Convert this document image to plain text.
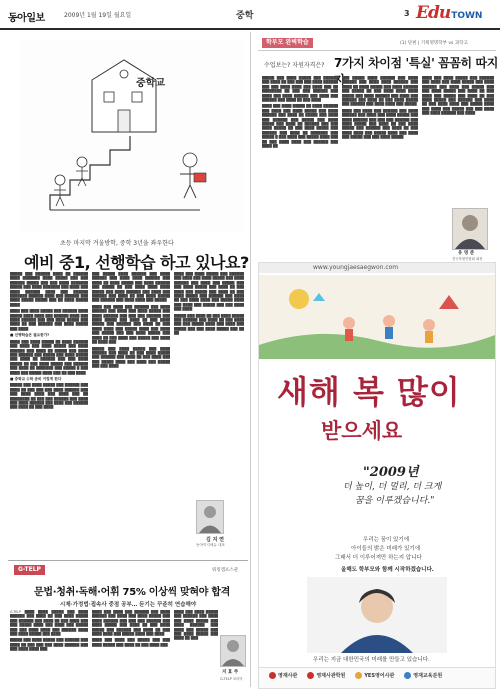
동아일보	2009년 1월 19일 월요일	중학	3 EduTOWN
중학교
초등 마지막 겨울방학, 중학 3년을 좌우한다
예비 중1, 선행학습 하고 있나요?

█████ ███ ██████ ████ ██ ██████ ████ ███████ ████ █████ ███ ███ ██████ █████ ███ ███ ████ ███████ █████ ███ ████ ███████ ███ ████ ███ ████ ██████ ████ ███ ██████ ███████ ██████ ████ ███ ██████ ███ ████ █████ █████ ███ ██ ████ █████ ████

████ ███ ████ █████ ███ ██████ ████ █████ ████ ████ ███ ██████ ████ ███ ████ ██████ ███ ███ ████ █████ ███ ████ ██ ███ ██████ ███ ████ █████ ███ ████

■ 선행학습은 필요한가?

████ ███ ████ █████ ██ ████ ██████ ███ ████ ███ ████ █████ ███ ████ ██████ ███ ████ ██ █████ ███ ████ ███ ██████ ███ █████ ███ ████ █████ ███ ████ ██ ██████ ███ ███ ████ █████ ██ ███ ████ █████ ███ ██████ ███ ████ ██ ███████ ███ █████ █ ███ ████ ███ █████ ████ ███ ██ ███ ████

■ 중학교 수학 준비 이렇게 한다

█████ ███ ████ █████ ███ ██████ ███ ████ ██ ███ ███ ███ ████ ██████ ███ ███ ████ ████ ███ ████ ███ ██ ████████ ██ ███ ███ ██████ ███ ████ ███ ████ ██████ ███ ████ ███ ██████ ███ ████ ██ ███ ████

███ █████ ████ ██████ ███ ████ ██████ ███ ████ ████ ██████ ███ ████ ██ ████ █████ ███ ████ ██████ ███ █████ ██ ███ ████ ████ ████ █████ ███ ████ ██████ ███ ████ ███ ██████ ███ ████ ██ ███ ████ █████ ███ ██████ ███ ████ ████ ███ █████

████ ███ ████ ███ ██████ ███ ████ ██████ ███ ████ ███ ████ █████ ███ ████ ██████ ███ ███ ███ ██████ ███ ████ █████ ███ ████ ██ ███ ████ █████ ███ ██████ ███ ████ ██ ███ ████ ████ ███ █████ ████ ███ ████ ███ █████ ███ ███ ████ █████ ███ ████ ██ ███ ████ ███ █████ ███ ████ ██ ████ ███

█████ ███ ████ █████ ███ ████ ██████ ███ ████ ██ ███ ████ █████ ███ ██████ ███ ████ ██ ███ ████ ███ ███ █████ ████ ███ ████ ███ █████ ███ ███ ████

████ ███ ████ █████ ███ ██████ ███ ████ ███ ████ █████ ███ ████ ██████ ███ ████ ███ █████ ███ ███ ████ █████ ███ ████ ██ ███ ████ ███ █████ ███ ████ ██ ███ ████ █████ ███ ██████ ███ ████ ██ ███ ████ ████ ███ █████ ████ ███ ████ ███ █████ ███ ███ ████ ███ ████

█████ ███ ████ ██ ███ ████ █████ ███ ██████ ███ ████ ██ ███ ████ ███ ███ █████ ████ ███ ████ ███ █████ ███ ███ ████ █████ ███ ██ ██

김 지 연
동아이지에듀 대표
G-TELP	워킹캠프스쿨
문법·청취·독해·어휘 75% 이상씩 맞혀야 합격
시제·가정법·접속사 중점 공부… 듣기는 꾸준히 연습해야

G-TELP ████ ████ █████ ███ ████ ██████ ███ ████ ██ ███ ████ █████ ███ ██████ ███ ████ ██ ███ ████ ███ ███ █████ ████ ███ ████ ███ █████ ███ ███ ████ ████ ███ ██████ ████ ███ ████ █████ ███ ████

█████ ███ ████ █████ ███ ██████ ███ ████ ██ ███ ███ ███ ████ ██████ ███ ███ ████ ████ ███

████ ███ ████ ███ ██████ ███ ████ ██████ ███ ████ ███ ████ █████ ███ ████ ██████ ███ ███ ███ ██████ ███ ████ █████ ███ ████ ██ ███ ████ █████ ███ ██████ ███ ████ ██ ███ ████ ████ ███ █████ ████ ███ ████

████ ███ ████ ███ █████ ███ ███ ████ █████ ███ ████ ██ ███ ████ ███

████ ███ ████ █████ ███ ██████ ███ ████ ███ ████ █████ ███ ████ ██████ ███ ████ ███ █████ ███ ███ ████ █████ ███ ████ ██ ███

지 효 주
G-TELP 코리아
학부모 완벽학습	(1) 단편 | 기획명명학부 vs 과학고
수업보는? 자원자격은? 7가지 차이점 '특실' 꼼꼼히 따지자

█████ ███ ████ █████ ███ ██████ ███ ████ ██ ███ ███ ███ ████ ██████ ███ ███ ████ ████ ███ ████ ███ ██ ████████ ██ ███ ███ ██████ ███ ████ ███ ████ ██████ ███ ████ ███ ██████ ███ ████ ██ ███ ████

████ ███ ████ █████ ██ ████ ██████ ███ ████ ███ ████ █████ ███ ████ ██████ ███ ████ ██ █████ ███ ████ ███ ██████ ███ █████ ███ ████ █████ ███ ████ ██ ██████ ███ ███ ████ █████ ██ ███ ████ █████ ███ ██████ ███ ████ ██ ███████ ███ █████ █ ███ ████ ███ █████ ████ ███ ██ ███ ████ ████ ███ ██████ ███ ████ ██

███ █████ ████ ██████ ███ ████ ██████ ███ ████ ████ ██████ ███ ████ ██ ████ █████ ███ ████ ██████ ███ █████ ██ ███ ████ ████ ████ █████ ███ ████ ██████ ███ ████ ███ ██████ ███ ████ ██ ███ ████ █████ ███ ██████ ███ ████ ████ ███ █████

████ ███ ████ ███ ██████ ███ ████ ██████ ███ ████ ███ ████ █████ ███ ████ ██████ ███ ███ ███ ██████ ███ ████ █████ ███ ████ ██ ███ ████ █████ ███ ██████ ███ ████ ██ ███ ████ ████ ███ █████ ████ ███ ████ ███ █████ ███ ███ ████ █████

████ ███ ████ █████ ███ ██████ ███ ████ ███ ████ █████ ███ ████ ██████ ███ ████ ███ █████ ███ ███ ████ █████ ███ ████ ██ ███ ████ ███ █████ ███ ████ ██ ███ ████ █████ ███ ██████ ███ ████ ██ ███ ████ ████ ███ █████ ████ ███ ████ ███ █████ ███ ███ ████ ███ ████ ██████ ███ ████

유 영 준
전국학원연합회 회장
www.youngjaesaegwon.com
새해 복 많이
받으세요
"2009년
더 높이, 더 멀리, 더 크게
꿈을 이루겠습니다."
우리는 꿈이 있기에
아이들의 밝은 미래가 있기에
그래서 더 이루어져만 하는지 압니다
올해도 학부모와 함께 시작하겠습니다.
우리는 지금 대한민국의 미래를 만들고 있습니다.
영재사관	영재사관학원	YES영어사관	영재교육분원
